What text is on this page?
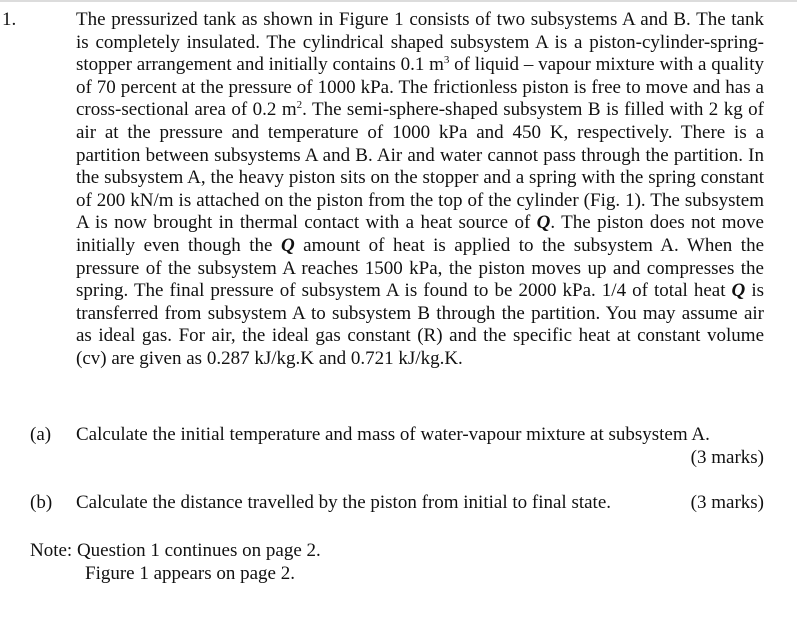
1.	The pressurized tank as shown in Figure 1 consists of two subsystems A and B. The tank is completely insulated. The cylindrical shaped subsystem A is a piston-cylinder-spring-stopper arrangement and initially contains 0.1 $m^3$ of liquid – vapour mixture with a quality of 70 percent at the pressure of 1000 kPa. The frictionless piston is free to move and has a cross-sectional area of 0.2 $m^2$. The semi-sphere-shaped subsystem B is filled with 2 kg of air at the pressure and temperature of 1000 kPa and 450 K, respectively. There is a partition between subsystems A and B. Air and water cannot pass through the partition. In the subsystem A, the heavy piston sits on the stopper and a spring with the spring constant of 200 kN/m is attached on the piston from the top of the cylinder (Fig. 1). The subsystem A is now brought in thermal contact with a heat source of Q. The piston does not move initially even though the Q amount of heat is applied to the subsystem A. When the pressure of the subsystem A reaches 1500 kPa, the piston moves up and compresses the spring. The final pressure of subsystem A is found to be 2000 kPa. 1/4 of total heat Q is transferred from subsystem A to subsystem B through the partition. You may assume air as ideal gas. For air, the ideal gas constant (R) and the specific heat at constant volume (cv) are given as 0.287 kJ/kg.K and 0.721 kJ/kg.K.
(a) Calculate the initial temperature and mass of water-vapour mixture at subsystem A.
(3 marks)
(b) Calculate the distance travelled by the piston from initial to final state.	(3 marks)
Note: Question 1 continues on page 2.
Figure 1 appears on page 2.
